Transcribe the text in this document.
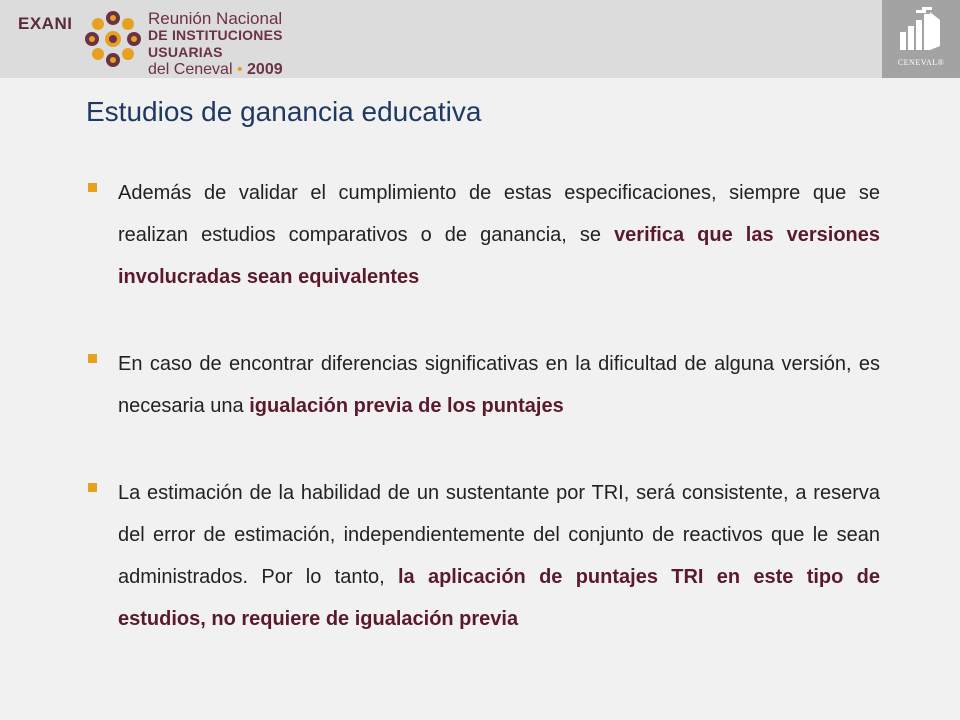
EXANI	Reunión Nacional
DE INSTITUCIONES USUARIAS
del Ceneval • 2009	CENEVAL®
Estudios de ganancia educativa
Además de validar el cumplimiento de estas especificaciones, siempre que se realizan estudios comparativos o de ganancia, se verifica que las versiones involucradas sean equivalentes
En caso de encontrar diferencias significativas en la dificultad de alguna versión, es necesaria una igualación previa de los puntajes
La estimación de la habilidad de un sustentante por TRI, será consistente, a reserva del error de estimación, independientemente del conjunto de reactivos que le sean administrados. Por lo tanto, la aplicación de puntajes TRI en este tipo de estudios, no requiere de igualación previa
